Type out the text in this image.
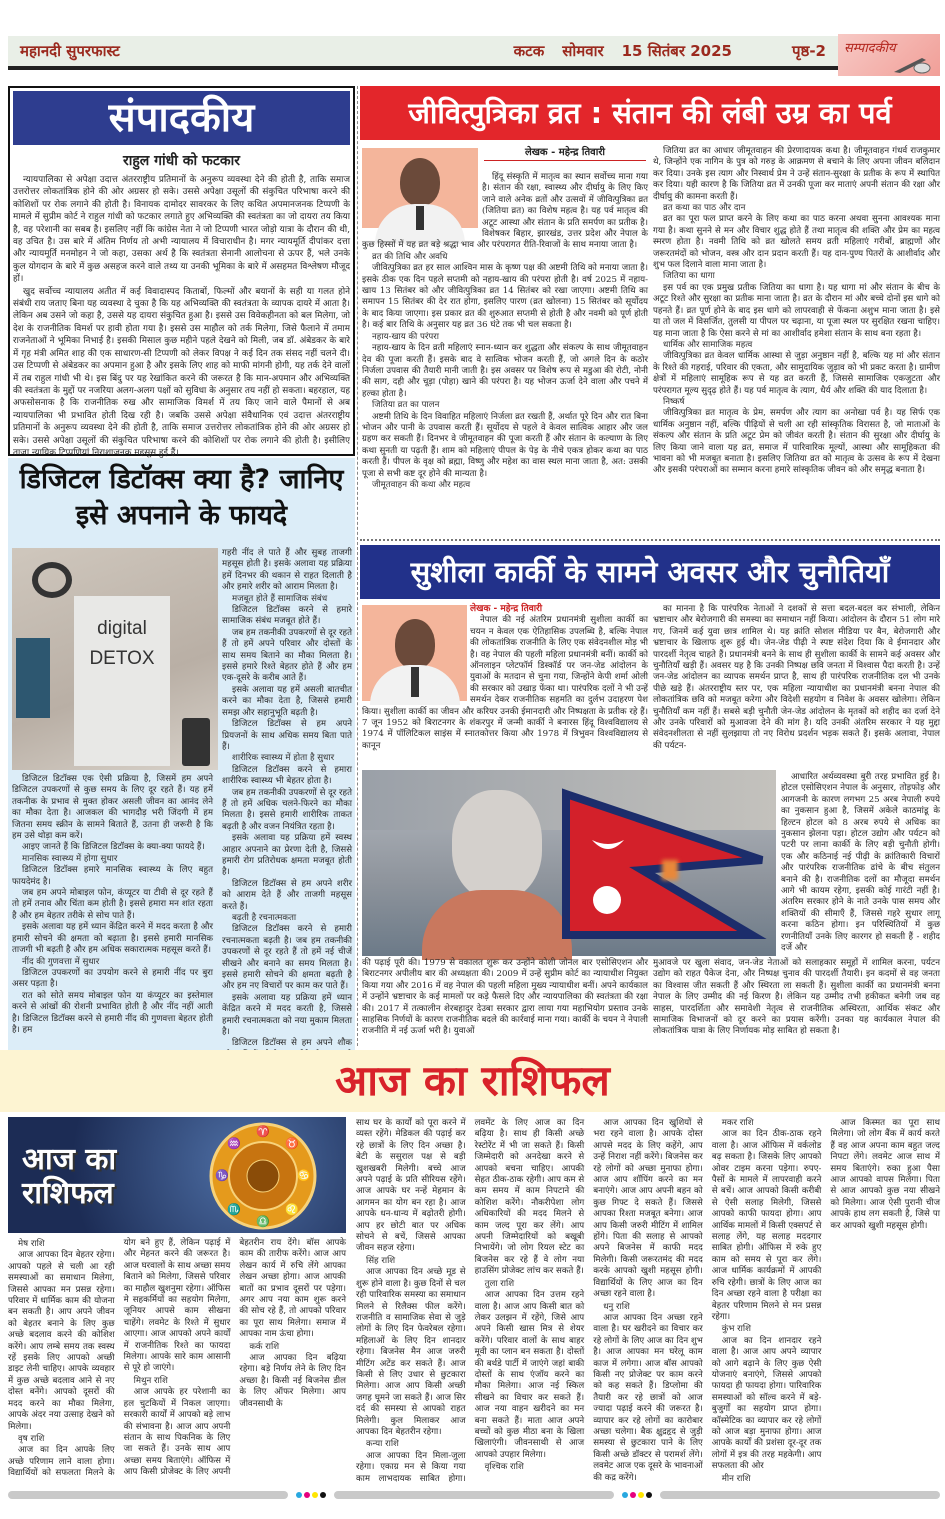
महानदी सुपरफास्ट	कटक सोमवार 15 सितंबर 2025	पृष्ठ-2	सम्पादकीय
संपादकीय
राहुल गांधी को फटकार

न्यायपालिका से अपेक्षा उदात्त अंतरराष्ट्रीय प्रतिमानों के अनुरूप व्यवस्था देने की होती है, ताकि समाज उत्तरोत्तर लोकतांत्रिक होने की ओर अग्रसर हो सके। उससे अपेक्षा उसूलों की संकुचित परिभाषा करने की कोशिशों पर रोक लगाने की होती है। विनायक दामोदर सावरकर के लिए कथित अपमानजनक टिप्पणी के मामले में सुप्रीम कोर्ट ने राहुल गांधी को फटकार लगाते हुए अभिव्यक्ति की स्वतंत्रता का जो दायरा तय किया है, वह परेशानी का सबब है। इसलिए नहीं कि कांग्रेस नेता ने जो टिप्पणी भारत जोड़ो यात्रा के दौरान की थी, वह उचित है। उस बारे में अंतिम निर्णय तो अभी न्यायालय में विचाराधीन है। मगर न्यायमूर्ति दीपांकर दत्ता और न्यायमूर्ति मनमोहन ने जो कहा, उसका अर्थ है कि स्वतंत्रता सेनानी आलोचना से ऊपर हैं, भले उनके कुल योगदान के बारे में कुछ असहज करने वाले तथ्य या उनकी भूमिका के बारे में असहमत विश्लेषण मौजूद हों।

खुद सर्वोच्च न्यायालय अतीत में कई विवादास्पद किताबों, फिल्मों और बयानों के सही या गलत होने संबंधी राय जताए बिना यह व्यवस्था दे चुका है कि यह अभिव्यक्ति की स्वतंत्रता के व्यापक दायरे में आता है। लेकिन अब उसने जो कहा है, उससे यह दायरा संकुचित हुआ है। इससे उस विवेकहीनता को बल मिलेगा, जो देश के राजनीतिक विमर्श पर हावी होता गया है। इससे उस माहौल को तर्क मिलेगा, जिसे फैलाने में तमाम राजनेताओं ने भूमिका निभाई है। इसकी मिसाल कुछ महीने पहले देखने को मिली, जब डॉ. अंबेडकर के बारे में गृह मंत्री अमित शाह की एक साधारण-सी टिप्पणी को लेकर विपक्ष ने कई दिन तक संसद नहीं चलने दी। उस टिप्पणी से अंबेडकर का अपमान हुआ है और इसके लिए शाह को माफी मांगनी होगी, यह तर्क देने वालों में तब राहुल गांधी भी थे। इस बिंदु पर यह रेखांकित करने की जरूरत है कि मान-अपमान और अभिव्यक्ति की स्वतंत्रता के मुद्दों पर नजरिया अलग-अलग पक्षों को सुविधा के अनुसार तय नहीं हो सकता। बहरहाल, यह अफसोसनाक है कि राजनीतिक रुख और सामाजिक विमर्श में तय किए जाने वाले पैमानों से अब न्यायपालिका भी प्रभावित होती दिख रही है। जबकि उससे अपेक्षा संवैधानिक एवं उदात्त अंतरराष्ट्रीय प्रतिमानों के अनुरूप व्यवस्था देने की होती है, ताकि समाज उत्तरोत्तर लोकतांत्रिक होने की ओर अग्रसर हो सके। उससे अपेक्षा उसूलों की संकुचित परिभाषा करने की कोशिशों पर रोक लगाने की होती है। इसीलिए ताजा न्यायिक टिप्पणियां निराशाजनक महसूस हुई हैं।

डिजिटल डिटॉक्स क्या है? जानिए
इसे अपनाने के फायदे
digital
DETOX

डिजिटल डिटॉक्स एक ऐसी प्रक्रिया है, जिसमें हम अपने डिजिटल उपकरणों से कुछ समय के लिए दूर रहते हैं। यह हमें तकनीक के प्रभाव से मुक्त होकर असली जीवन का आनंद लेने का मौका देता है। आजकल की भागदौड़ भरी जिंदगी में हम जितना समय स्क्रीन के सामने बिताते हैं, उतना ही जरूरी है कि हम उसे थोड़ा कम करें।

आइए जानते हैं कि डिजिटल डिटॉक्स के क्या-क्या फायदे हैं।

मानसिक स्वास्थ्य में होगा सुधार

डिजिटल डिटॉक्स हमारे मानसिक स्वास्थ्य के लिए बहुत फायदेमंद है।

जब हम अपने मोबाइल फोन, कंप्यूटर या टीवी से दूर रहते हैं तो हमें तनाव और चिंता कम होती है। इससे हमारा मन शांत रहता है और हम बेहतर तरीके से सोच पाते हैं।

इसके अलावा यह हमें ध्यान केंद्रित करने में मदद करता है और हमारी सोचने की क्षमता को बढ़ाता है। इससे हमारी मानसिक ताजगी भी बढ़ती है और हम अधिक सकारात्मक महसूस करते हैं।

नींद की गुणवत्ता में सुधार

डिजिटल उपकरणों का उपयोग करने से हमारी नींद पर बुरा असर पड़ता है।

रात को सोते समय मोबाइल फोन या कंप्यूटर का इस्तेमाल करने से आंखों की रोशनी प्रभावित होती है और नींद नहीं आती है। डिजिटल डिटॉक्स करने से हमारी नींद की गुणवत्ता बेहतर होती है। हम

गहरी नींद ले पाते हैं और सुबह ताजगी महसूस होती है। इसके अलावा यह प्रक्रिया हमें दिनभर की थकान से राहत दिलाती है और हमारे शरीर को आराम मिलता है।

मजबूत होते हैं सामाजिक संबंध

डिजिटल डिटॉक्स करने से हमारे सामाजिक संबंध मजबूत होते हैं।

जब हम तकनीकी उपकरणों से दूर रहते हैं तो हमें अपने परिवार और दोस्तों के साथ समय बिताने का मौका मिलता है। इससे हमारे रिश्ते बेहतर होते हैं और हम एक-दूसरे के करीब आते हैं।

इसके अलावा यह हमें असली बातचीत करने का मौका देता है, जिससे हमारी समझ और सहानुभूति बढ़ती है।

डिजिटल डिटॉक्स से हम अपने प्रियजनों के साथ अधिक समय बिता पाते हैं।

शारीरिक स्वास्थ्य में होता है सुधार

डिजिटल डिटॉक्स करने से हमारा शारीरिक स्वास्थ्य भी बेहतर होता है।

जब हम तकनीकी उपकरणों से दूर रहते हैं तो हमें अधिक चलने-फिरने का मौका मिलता है। इससे हमारी शारीरिक ताकत बढ़ती है और वजन नियंत्रित रहता है।

इसके अलावा यह प्रक्रिया हमें स्वस्थ आहार अपनाने का प्रेरणा देती है, जिससे हमारी रोग प्रतिरोधक क्षमता मजबूत होती है।

डिजिटल डिटॉक्स से हम अपने शरीर को आराम देते हैं और ताजगी महसूस करते हैं।

बढ़ती है रचनात्मकता

डिजिटल डिटॉक्स करने से हमारी रचनात्मकता बढ़ती है। जब हम तकनीकी उपकरणों से दूर रहते हैं तो हमें नई चीजें सीखने और बनाने का समय मिलता है। इससे हमारी सोचने की क्षमता बढ़ती है और हम नए विचारों पर काम कर पाते हैं।

इसके अलावा यह प्रक्रिया हमें ध्यान केंद्रित करने में मदद करती है, जिससे हमारी रचनात्मकता को नया मुकाम मिलता है।

डिजिटल डिटॉक्स से हम अपने शौक

जीवित्पुत्रिका व्रत : संतान की लंबी उम्र का पर्व
लेखक - महेन्द्र तिवारी

हिंदू संस्कृति में मातृत्व का स्थान सर्वोच्च माना गया है। संतान की रक्षा, स्वास्थ्य और दीर्घायु के लिए किए जाने वाले अनेक व्रतों और उत्सवों में जीवित्पुत्रिका व्रत (जितिया व्रत) का विशेष महत्व है। यह पर्व मातृत्व की अटूट आस्था और संतान के प्रति समर्पण का प्रतीक है। विशेषकर बिहार, झारखंड, उत्तर प्रदेश और नेपाल के कुछ हिस्सों में यह व्रत बड़े श्रद्धा भाव और परंपरागत रीति-रिवाजों के साथ मनाया जाता है।

व्रत की तिथि और अवधि

जीवित्पुत्रिका व्रत हर साल आश्विन मास के कृष्ण पक्ष की अष्टमी तिथि को मनाया जाता है। इसके ठीक एक दिन पहले सप्तमी को नहाय-खाय की परंपरा होती है। वर्ष 2025 में नहाय-खाय 13 सितंबर को और जीवित्पुत्रिका व्रत 14 सितंबर को रखा जाएगा। अष्टमी तिथि का समापन 15 सितंबर की देर रात होगा, इसलिए पारण (व्रत खोलना) 15 सितंबर को सूर्योदय के बाद किया जाएगा। इस प्रकार व्रत की शुरुआत सप्तमी से होती है और नवमी को पूर्ण होती है। कई बार तिथि के अनुसार यह व्रत 36 घंटे तक भी चल सकता है।

नहाय-खाय की परंपरा

नहाय-खाय के दिन व्रती महिलाएं स्नान-ध्यान कर शुद्धता और संकल्प के साथ जीमूतवाहन देव की पूजा करती हैं। इसके बाद वे सात्विक भोजन करती हैं, जो अगले दिन के कठोर निर्जला उपवास की तैयारी मानी जाती है। इस अवसर पर विशेष रूप से मडुआ की रोटी, नोनी की साग, दही और चूड़ा (पोहा) खाने की परंपरा है। यह भोजन ऊर्जा देने वाला और पचने में हल्का होता है।

जितिया व्रत का पालन

अष्टमी तिथि के दिन विवाहित महिलाएं निर्जला व्रत रखती हैं, अर्थात पूरे दिन और रात बिना भोजन और पानी के उपवास करती हैं। सूर्योदय से पहले वे केवल सात्विक आहार और जल ग्रहण कर सकती हैं। दिनभर वे जीमूतवाहन की पूजा करती हैं और संतान के कल्याण के लिए कथा सुनती या पढ़ती हैं। शाम को महिलाएं पीपल के पेड़ के नीचे एकत्र होकर कथा का पाठ करती हैं। पीपल के वृक्ष को ब्रह्मा, विष्णु और महेश का वास स्थल माना जाता है, अत: उसकी पूजा से सभी कष्ट दूर होने की मान्यता है।

जीमूतवाहन की कथा और महत्व

जितिया व्रत का आधार जीमूतवाहन की प्रेरणादायक कथा है। जीमूतवाहन गंधर्व राजकुमार थे, जिन्होंने एक नागिन के पुत्र को गरुड़ के आक्रमण से बचाने के लिए अपना जीवन बलिदान कर दिया। उनके इस त्याग और निस्वार्थ प्रेम ने उन्हें संतान-सुरक्षा के प्रतीक के रूप में स्थापित कर दिया। यही कारण है कि जितिया व्रत में उनकी पूजा कर माताएं अपनी संतान की रक्षा और दीर्घायु की कामना करती हैं।

व्रत कथा का पाठ और दान

व्रत का पूरा फल प्राप्त करने के लिए कथा का पाठ करना अथवा सुनना आवश्यक माना गया है। कथा सुनने से मन और विचार शुद्ध होते हैं तथा मातृत्व की शक्ति और प्रेम का महत्व स्मरण होता है। नवमी तिथि को व्रत खोलते समय व्रती महिलाएं गरीबों, ब्राह्मणों और जरूरतमंदों को भोजन, वस्त्र और दान प्रदान करती हैं। यह दान-पुण्य पितरों के आशीर्वाद और शुभ फल दिलाने वाला माना जाता है।

जितिया का धागा

इस पर्व का एक प्रमुख प्रतीक जितिया का धागा है। यह धागा मां और संतान के बीच के अटूट रिश्ते और सुरक्षा का प्रतीक माना जाता है। व्रत के दौरान मां और बच्चे दोनों इस धागे को पहनते हैं। व्रत पूर्ण होने के बाद इस धागे को लापरवाही से फेंकना अशुभ माना जाता है। इसे या तो जल में विसर्जित, तुलसी या पीपल पर चढ़ाना, या पूजा स्थल पर सुरक्षित रखना चाहिए। यह माना जाता है कि ऐसा करने से मां का आशीर्वाद हमेशा संतान के साथ बना रहता है।

धार्मिक और सामाजिक महत्व

जीवित्पुत्रिका व्रत केवल धार्मिक आस्था से जुड़ा अनुष्ठान नहीं है, बल्कि यह मां और संतान के रिश्ते की गहराई, परिवार की एकता, और सामुदायिक जुड़ाव को भी प्रकट करता है। ग्रामीण क्षेत्रों में महिलाएं सामूहिक रूप से यह व्रत करती हैं, जिससे सामाजिक एकजुटता और परंपरागत मूल्य सुदृढ़ होते हैं। यह पर्व मातृत्व के त्याग, धैर्य और शक्ति की याद दिलाता है।

निष्कर्ष

जीवित्पुत्रिका व्रत मातृत्व के प्रेम, समर्पण और त्याग का अनोखा पर्व है। यह सिर्फ एक धार्मिक अनुष्ठान नहीं, बल्कि पीढ़ियों से चली आ रही सांस्कृतिक विरासत है, जो माताओं के संकल्प और संतान के प्रति अटूट प्रेम को जीवंत करती है। संतान की सुरक्षा और दीर्घायु के लिए किया जाने वाला यह व्रत, समाज में पारिवारिक मूल्यों, आस्था और सामूहिकता की भावना को भी मजबूत बनाता है। इसलिए जितिया व्रत को मातृत्व के उत्सव के रूप में देखना और इसकी परंपराओं का सम्मान करना हमारे सांस्कृतिक जीवन को और समृद्ध बनाता है।

सुशीला कार्की के सामने अवसर और चुनौतियाँ
लेखक - महेन्द्र तिवारी

नेपाल की नई अंतरिम प्रधानमंत्री सुशीला कार्की का चयन न केवल एक ऐतिहासिक उपलब्धि है, बल्कि नेपाल की लोकतांत्रिक राजनीति के लिए एक संवेदनशील मोड़ भी है। वह नेपाल की पहली महिला प्रधानमंत्री बनीं। कार्की को ऑनलाइन प्लेटफॉर्म डिस्कॉर्ड पर जन-जेड आंदोलन के युवाओं के मतदान से चुना गया, जिन्होंने केपी शर्मा ओली की सरकार को उखाड़ फेंका था। पारंपरिक दलों ने भी उन्हें समर्थन देकर राजनीतिक सहमति का दुर्लभ उदाहरण पेश किया। सुशीला कार्की का जीवन और करियर उनकी ईमानदारी और निष्पक्षता के प्रतीक रहे हैं। 7 जून 1952 को बिराटनगर के शंकरपुर में जन्मी कार्की ने बनारस हिंदू विश्वविद्यालय से 1974 में पॉलिटिकल साइंस में स्नातकोत्तर किया और 1978 में त्रिभुवन विश्वविद्यालय से कानून

का मानना है कि पारंपरिक नेताओं ने दशकों से सत्ता बदल-बदल कर संभाली, लेकिन भ्रष्टाचार और बेरोजगारी की समस्या का समाधान नहीं किया। आंदोलन के दौरान 51 लोग मारे गए, जिनमें कई युवा छात्र शामिल थे। यह क्रांति सोशल मीडिया पर बैन, बेरोजगारी और भ्रष्टाचार के खिलाफ शुरू हुई थी। जेन-जेड पीढ़ी ने स्पष्ट संदेश दिया कि वे ईमानदार और पारदर्शी नेतृत्व चाहते हैं। प्रधानमंत्री बनने के साथ ही सुशीला कार्की के सामने कई अवसर और चुनौतियाँ खड़ी हैं। अवसर यह है कि उनकी निष्पक्ष छवि जनता में विश्वास पैदा करती है। उन्हें जन-जेड आंदोलन का व्यापक समर्थन प्राप्त है, साथ ही पारंपरिक राजनीतिक दल भी उनके पीछे खड़े हैं। अंतरराष्ट्रीय स्तर पर, एक महिला न्यायाधीश का प्रधानमंत्री बनना नेपाल की लोकतांत्रिक छवि को मजबूत करेगा और विदेशी सहयोग व निवेश के अवसर खोलेगा। लेकिन चुनौतियाँ कम नहीं हैं। सबसे बड़ी चुनौती जेन-जेड आंदोलन के मृतकों को शहीद का दर्जा देने और उनके परिवारों को मुआवजा देने की मांग है। यदि उनकी अंतरिम सरकार ने यह मुद्दा संवेदनशीलता से नहीं सुलझाया तो नए विरोध प्रदर्शन भड़क सकते हैं। इसके अलावा, नेपाल की पर्यटन-

आधारित अर्थव्यवस्था बुरी तरह प्रभावित हुई है। होटल एसोसिएशन नेपाल के अनुसार, तोड़फोड़ और आगजनी के कारण लगभग 25 अरब नेपाली रुपये का नुकसान हुआ है, जिसमें अकेले काठमांडू के हिल्टन होटल को 8 अरब रुपये से अधिक का नुकसान झेलना पड़ा। होटल उद्योग और पर्यटन को पटरी पर लाना कार्की के लिए बड़ी चुनौती होगी। एक और कठिनाई नई पीढ़ी के क्रांतिकारी विचारों और पारंपरिक राजनीतिक ढांचे के बीच संतुलन बनाने की है। राजनीतिक दलों का मौजूदा समर्थन आगे भी कायम रहेगा, इसकी कोई गारंटी नहीं है। अंतरिम सरकार होने के नाते उनके पास समय और शक्तियों की सीमाएँ हैं, जिससे गहरे सुधार लागू करना कठिन होगा। इन परिस्थितियों में कुछ रणनीतियाँ उनके लिए कारगर हो सकती हैं - शहीद दर्जे और

की पढ़ाई पूरी की। 1979 से वकालत शुरू कर उन्होंने कोशी जोनल बार एसोसिएशन और बिराटनगर अपीलीय बार की अध्यक्षता की। 2009 में उन्हें सुप्रीम कोर्ट का न्यायाधीश नियुक्त किया गया और 2016 में वह नेपाल की पहली महिला मुख्य न्यायाधीश बनीं। अपने कार्यकाल में उन्होंने भ्रष्टाचार के कई मामलों पर कड़े फैसले दिए और न्यायपालिका की स्वतंत्रता की रक्षा की। 2017 में तत्कालीन शेरबहादुर देउबा सरकार द्वारा लाया गया महाभियोग प्रस्ताव उनके साहसिक निर्णयों के कारण राजनीतिक बदले की कार्रवाई माना गया। कार्की के चयन ने नेपाली राजनीति में नई ऊर्जा भरी है। युवाओं

मुआवजे पर खुला संवाद, जन-जेड नेताओं को सलाहकार समूहों में शामिल करना, पर्यटन उद्योग को राहत पैकेज देना, और निष्पक्ष चुनाव की पारदर्शी तैयारी। इन कदमों से वह जनता का विश्वास जीत सकती हैं और स्थिरता ला सकती हैं। सुशीला कार्की का प्रधानमंत्री बनना नेपाल के लिए उम्मीद की नई किरण है। लेकिन यह उम्मीद तभी हकीकत बनेगी जब वह साहस, पारदर्शिता और समावेशी नेतृत्व से राजनीतिक अस्थिरता, आर्थिक संकट और सामाजिक विभाजनों को दूर करने का प्रयास करेंगी। उनका यह कार्यकाल नेपाल की लोकतांत्रिक यात्रा के लिए निर्णायक मोड़ साबित हो सकता है।

आज का राशिफल
आज का
राशिफल
♈
♋
♎
♑
♉
♌
♏
♒

मेष राशि

आज आपका दिन बेहतर रहेगा। आपको पहले से चली आ रही समस्याओं का समाधान मिलेगा, जिससे आपका मन प्रसन्न रहेगा। परिवार में धार्मिक काम की योजना बन सकती है। आप अपने जीवन को बेहतर बनाने के लिए कुछ अच्छे बदलाव करने की कोशिश करेंगे। आप लम्बे समय तक स्वस्थ रहें इसके लिए आपको अच्छी डाइट लेनी चाहिए। आपके व्यवहार में कुछ अच्छे बदलाव आने से नए दोस्त बनेंगे। आपको दूसरों की मदद करने का मौका मिलेगा, आपके अंदर नया उत्साह देखने को मिलेगा।

वृष राशि

आज का दिन आपके लिए अच्छे परिणाम लाने वाला होगा। विद्यार्थियों को सफलता मिलने के योग बने हुए हैं, लेकिन पढ़ाई में और मेहनत करने की जरूरत है। आज घरवालों के साथ अच्छा समय बिताने को मिलेगा, जिससे परिवार का माहौल खुशनुमा रहेगा। ऑफिस मे सहकर्मियों का सहयोग मिलेगा, जूनियर आपसे काम सीखना चाहेंगे। लवमेट के रिश्ते में सुधार आएगा। आज आपको अपने कार्यों में राजनीतिक रिश्ते का फायदा मिलेगा। आपके सारे काम आसानी से पूरे हो जाएंगे।

मिथुन राशि

आज आपके हर परेशानी का हल चुटकियों में निकल जाएगा। सरकारी कार्यों में आपको बड़े लाभ की संभावना है। आज आप अपनी संतान के साथ पिकनिक के लिए जा सकते हैं। उनके साथ आप अच्छा समय बिताएंगे। ऑफिस में आप किसी प्रोजेक्ट के लिए अपनी बेहतरीन राय देंगे। बॉस आपके काम की तारीफ करेंगे। आज आप लेखन कार्य में रुचि लेंगे आपका लेखन अच्छा होगा। आज आपकी बातों का प्रभाव दूसरों पर पड़ेगा। अगर आप नया काम शुरू करने की सोच रहे हैं, तो आपको परिवार का पूरा साथ मिलेगा। समाज में आपका नाम ऊंचा होगा।

कर्क राशि

आज आपका दिन बढ़िया रहेगा। बड़े निर्णय लेने के लिए दिन अच्छा है। किसी नई बिजनेस डील के लिए ऑफर मिलेगा। आप जीवनसाथी के

साथ घर के कार्यों को पूरा करने में व्यस्त रहेंगे। मेडिकल की पढ़ाई कर रहे छात्रों के लिए दिन अच्छा है। बेटी के ससुराल पक्ष से बड़ी खुशखबरी मिलेगी। बच्चे आज अपने पढ़ाई के प्रति सीरियस रहेंगे। आज आपके घर नन्हें मेहमान के आगमन का योग बन रहा है। आज आपके धन-धान्य में बढ़ोतरी होगी। आप हर छोटी बात पर अधिक सोचने से बचें, जिससे आपका जीवन सहज रहेगा।

सिंह राशि

आज आपका दिन अच्छे मूड से शुरू होने वाला है। कुछ दिनों से चल रही पारिवारिक समस्या का समाधान मिलने से रिलैक्स फील करेंगे। राजनीति व सामाजिक सेवा से जुड़े लोगों के लिए दिन फेवरेबल रहेगा। महिलाओं के लिए दिन शानदार रहेगा। बिजनेस मैन आज जरुरी मीटिंग अटेंड कर सकते हैं। आज किसी से लिए उधार से छुटकारा मिलेगा। आज आप किसी अच्छी जगह घूमने जा सकते हैं। आज सिर दर्द की समस्या से आपको राहत मिलेगी। कुल मिलाकर आज आपका दिन बेहतरीन रहेगा।

कन्या राशि

आज आपका दिन मिला-जुला रहेगा। एकाग्र मन से किया गया काम लाभदायक साबित होगा। लवमेंट के लिए आज का दिन बढ़िया है। साथ ही किसी अच्छे रेस्टोरेंट में भी जा सकते हैं। किसी जिम्मेदारी को अनदेखा करने से आपको बचना चाहिए। आपकी सेहत ठीक-ठाक रहेगी। आप कम से कम समय में काम निपटाने की कोशिश करेंगे। नौकरीपेशा लोग अधिकारियों की मदद मिलने से काम जल्द पूरा कर लेंगे। आप अपनी जिम्मेदारियों को बखूबी निभायेंगे। जो लोग रियल स्टेट का बिजनेस कर रहे हैं वे लोग नया हाउसिंग प्रोजेक्ट लांच कर सकते हैं।

तुला राशि

आज आपका दिन उत्तम रहने वाला है। आज आप किसी बात को लेकर उलझन में रहेंगे, जिसे आप अपने किसी खास मित्र से शेयर करेंगे। परिवार वालों के साथ बाहर मूवी का प्लान बन सकता है। दोस्तों की बर्थडे पार्टी में जाएंगे जहां बाकी दोस्तों के साथ एंजॉय करने का मौका मिलेगा। आज नई स्किल सीखने का विचार कर सकते हैं। आज नया वाहन खरीदने का मन बना सकते हैं। माता आज अपने बच्चों को कुछ मीठा बना के खिला खिलाएंगी। जीवनसाथी से आज आपको उपहार मिलेगा।

वृश्चिक राशि

आज आपका दिन खुशियों से भरा रहने वाला है। आपके दोस्त आपसे मदद के लिए कहेंगे, आप उन्हें निराश नहीं करेंगे। बिजनेस कर रहे लोगों को अच्छा मुनाफा होगा। आज आप शॉपिंग करने का मन बनाएंगे। आज आप अपनी बहन को कुछ गिफ्ट दे सकते हैं। जिससे आपका रिश्ता मजबूत बनेगा। आज आप किसी जरुरी मीटिंग में शामिल होंगे। पिता की सलाह से आपको अपने बिजनेस में काफी मदद मिलेगी। किसी जरूरतमंद की मदद करके आपको खुशी महसूस होगी। विद्यार्थियों के लिए आज का दिन अच्छा रहने वाला है।

धनु राशि

आज आपका दिन अच्छा रहने वाला है। घर खरीदने का विचार कर रहे लोगों के लिए आज का दिन शुभ है। आज आपका मन घरेलू काम काज में लगेगा। आज बॉस आपको किसी नए प्रोजेक्ट पर काम करने को कह सकते हैं। डिप्लोमा की तैयारी कर रहे छात्रों को आज ज्यादा पढ़ाई करने की जरूरत है। व्यापार कर रहे लोगों का कारोबार अच्छा चलेगा। बैक क्षुद्रहृद से जुड़ी समस्या से छुटकारा पाने के लिए किसी अच्छे डॉक्टर से परामर्श लेंगे। लवमेट आज एक दूसरे के भावनाओं की कद्र करेंगे।

मकर राशि

आज का दिन ठीक-ठाक रहने वाला है। आज ऑफिस में वर्कलोड बढ़ सकता है। जिसके लिए आपको ओवर टाइम करना पड़ेगा। रुपए-पैसों के मामले में लापरवाही करने से बचें। आज आपको किसी करीबी से ऐसी सलाह मिलेगी, जिससे आपको काफी फायदा होगा। आप आर्थिक मामलों में किसी एक्सपर्ट से सलाह लेंगे, यह सलाह मददगार साबित होगी। ऑफिस में रुके हुए काम को समय से पूरा कर लेंगे। आज धार्मिक कार्यक्रमों में आपकी रुचि रहेगी। छात्रों के लिए आज का दिन अच्छा रहने वाला है परीक्षा का बेहतर परिणाम मिलने से मन प्रसन्न रहेगा।

कुंभ राशि

आज का दिन शानदार रहने वाला है। आज आप अपने व्यापार को आगे बढ़ाने के लिए कुछ ऐसी योजनाएं बनाएंगे, जिससे आपको फायदा ही फायदा होगा। पारिवारिक समस्याओं को सॉल्व करने में बड़े-बुजुर्गों का सहयोग प्राप्त होगा। कॉस्मेटिक का व्यापार कर रहे लोगों को आज बड़ा मुनाफा होगा। आज आपके कार्यों की प्रशंसा दूर-दूर तक लोगों में इत्र की तरह महकेगी। आप सफलता की ओर

मीन राशि

आज किस्मत का पूरा साथ मिलेगा। जो लोग बैंक में कार्य करते हैं वह आज अपना काम बहुत जल्द निपटा लेंगे। लवमेट आज साथ में समय बिताएंगे। रुका हुआ पैसा आज आपको वापस मिलेगा। पिता से आज आपको कुछ नया सीखने को मिलेगा। आज ऐसी पुरानी चीज आपके हाथ लग सकती है, जिसे पा कर आपको खुशी महसूस होगी।
